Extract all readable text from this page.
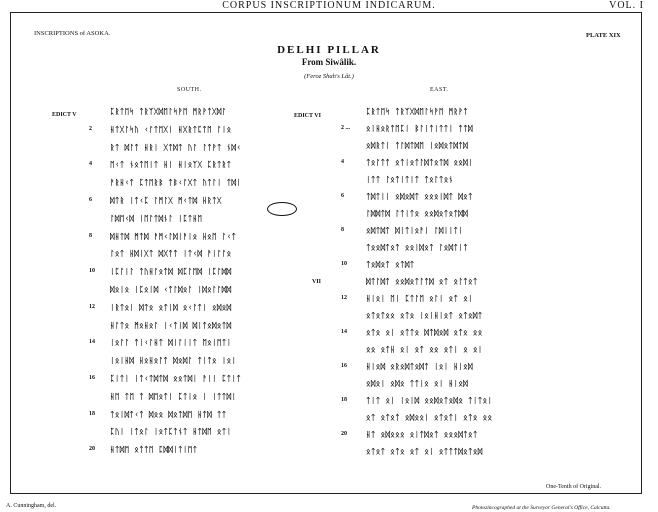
CORPUS INSCRIPTIONUM INDICARUM.	VOL. I
INSCRIPTIONS of ASOKA.	PLATE XIX
DELHI PILLAR
From Siwâlik.
(Feroz Shah's Lât.)
SOUTH.	EAST.
EDICT V	EDICT VI
VII
ᛈᚱᛏᛖᛋ ᛏᚱᛉᚷᛞᛖᛚᛋᚹᛖ ᛗᚱᚹᛏᚷᛞᛚ
2 ᚺᛏᚷᛚᛋᚢ ᚲᛚᛏᛖᚷᛁ ᚺᚷᚱᛏᛈᛏᛖ ᛚᛁᛟ
ᚱᛏ ᛞᛚᛏ ᚺᚱᛁ ᚷᛏᛞᛏ ᚢᛚ ᛚᛏᚹᛏ ᚾᛞᚲ
4 ᛖᚲᛏ ᚾᛟᛏᛖᛁᛏ ᚺᛁ ᚺᛁᛟᛉᚷ ᛈᚱᛏᚱᛏ
ᚨᚱᚺᚲᛏ ᛈᛏᛖᚱᛒ ᛏᛒᚲᛚᚷᛏ ᚢᛏᛚᛁ ᛏᛞᛁ
6 ᛞᛏᚱ ᛁᛏᚲᛈ ᛚᛗᛚᚷ ᛗᚲᛏᛞ ᚺᚱᛏᚷ
ᛚᛞᛖᚲᛞ ᛁᛖᛚᛏᛞᚾᛚ ᛁᛈᛏᚺᛖ
8 ᛞᚺᛏᛞ ᛗᛏᛞ ᚨᛗᚲᛚᛞᛁᚨᛁᛟ ᚺᛟᛖ ᛚᚲᛏ
ᛚᛟᛏ ᚺᛞᛁᚷᛏ ᛞᚷᛏᛏ ᛁᛏᚲᛞ ᚨᛁᛚᛚᛟ
10 ᛁᛈᛚᛁᛚ ᛏᚢᚺᛚᛟᛏᛞ ᛞᛈᛚᛖᛞ ᛁᛈᛚᛞᛞ
ᛞᛟᛁᛟ ᛁᛈᛟᛁᛞ ᚲᛏᛚᛞᛟᛚ ᛁᛞᛟᛚᛚᛞᛞ
12 ᛁᚱᛏᛟᛁ ᛞᛏᛟ ᛟᛏᛁᛞ ᛟᚲᛚᛏᛁ ᛟᛞᛟᛞ
ᚺᛚᛏᛟ ᛗᛟᚺᛟᛚ ᛁᚲᛏᛁᛞ ᛞᛁᛏᛟᛞᛟᛏᛞ
14 ᛁᛟᛚᛚ ᛏᛁᚲᛚᚺᛏ ᛞᛁᛚᛁᛁᛏ ᛖᛟᛁᛖᛏᛁ
ᛁᛟᛁᚺᛞ ᚺᛟᚺᛟᛚᛏ ᛞᛟᛞᛚ ᛏᛁᛏᛟ ᛁᛟᛁ
16 ᛈᛁᛏᛁ ᛁᛏᚲᛏᛞᛏᛞ ᛟᛟᛏᛞᛁ ᚨᛁᛁ ᛈᛏᛁᛏ
ᚺᛖ ᛏᛖ ᛏ ᛞᛖᛟᛏᛁ ᛈᛏᛁᛟ ᛁ ᛁᛏᛏᛞᛁ
18 ᛏᛟᛁᛞᛏᚲᛏ ᛞᛟᛟ ᛞᛟᛏᛞᛖ ᚺᛏᛞ ᛏᛏ
ᛈᚢᛁ ᛁᛏᛟᛚ ᛁᛟᛏᛈᛏᚾᛏ ᚺᛏᛞᛖ ᛟᛏᛁ
20 ᚺᛏᛞᛖ ᛟᛏᛏᛖ ᛈᛞᛞᛁᛏᛁᛖᛏ
ᛈᚱᛏᛖᛋ ᛏᚱᛉᚷᛞᛖᛚᛋᚹᛖ ᛗᚱᚹᛏ
2 ... ᛟᛁᚺᛟᚱᛏᛖᛈᛁ ᛒᛚᛁᛏᛁᛏᛏᛁ ᛏᛏᛞ
ᛟᛞᚱᛏᛁ ᛏᛚᛞᛏᛞᛖ ᛁᛟᛞᛟᛏᛞᛏᛞ
4	ᛏᛟᛚᛏᛏ ᛟᛏᛁᛟᛏᛚᛞᛏᛟᛏᛞ ᛟᛟᛞᛁ
ᛁᛏᛏ ᛚᛟᛏᛁᛏᛁᛏ ᛏᛟᛚᛏᛟᚾ
6	ᛏᛞᛏᛁᛁ ᛟᛞᛟᛞᛏ ᛟᛟᛟᛁᛞᛏ ᛞᛟᛏ
ᛚᛞᛞᛏᛞ ᛚᛏᛁᛏᛟ ᛟᛟᛞᛟᛏᛟᛏᛞᛞ
8	ᛟᛞᛏᛞᛏ ᛞᛁᛏᛁᛟᚨᛁ ᛚᛞᛁᛁᛏᛁ
ᛏᛟᛟᛞᛏᛟᛏ ᛟᛟᛁᛞᛟᛏ ᛚᛟᛞᛏᛁᛏ
10	ᛏᛟᛞᛟᛏ ᛟᛏᛞᛏ
ᛞᛏᛚᛞᛏ ᛟᛟᛞᛟᛏᛚᛏᛞ ᛟᛏ ᛟᛚᛏᛟᛏ
12	ᚺᛁᛟᛁ ᛖᛁ ᛈᛏᛚᛖ ᛟᛚᛁ ᛟᛏ ᛟᛁ
ᛟᛏᛟᛏᛟᛟ ᛟᛏᛟ ᛁᛟᛁᚺᛁᛟᛏ ᛟᛏᛟᛞᛏ
14	ᛟᛏᛟ ᛟᛁ ᛟᛏᛏᛟ ᛞᛏᛞᛟᛞ ᛟᛏᛟ ᛟᛟ
ᛟᛟ ᛟᛏᚺ ᛟᛁ ᛟᛏ ᛟᛟ ᛟᛏᛁ ᛟ ᛟᛁ
16	ᚺᛁᛟᛞ ᛟᚱᛟᛞᛏᛟᛞᛏ ᛁᛟᛁ ᚺᛁᛟᛞ
ᛟᛞᛟᛁ ᛟᛞᛟ ᛏᛏᛁᛟ ᛟᛁ ᚺᛁᛟᛞ
18	ᛏᛁᛏ ᛟᛁ ᛁᛟᛁᛞ ᛟᛟᛞᛟᛏᛟᛞᛟ ᛏᛁᛏᛟᛁ
ᛟᛏ ᛟᛏᛟᛏ ᛟᛞᛟᛟᛁ ᛟᛏᛟᛏᛁ ᛟᛏᛟ ᛟᛟ
20	ᚺᛏ ᛟᛞᛟᛟᛟ ᛟᛁᛏᛞᛟᛏ ᛟᛟᛟᛞᛏᛟᛏ
ᛟᛏᛟᛏ ᛟᛏᛟ ᛟᛏ ᛟᛁ ᛟᛏᛏᛏᛞᛟᛏᛟᛞ
One-Tenth of Original.
A. Cunningham, del.	Photozincographed at the Surveyor General's Office, Calcutta.
